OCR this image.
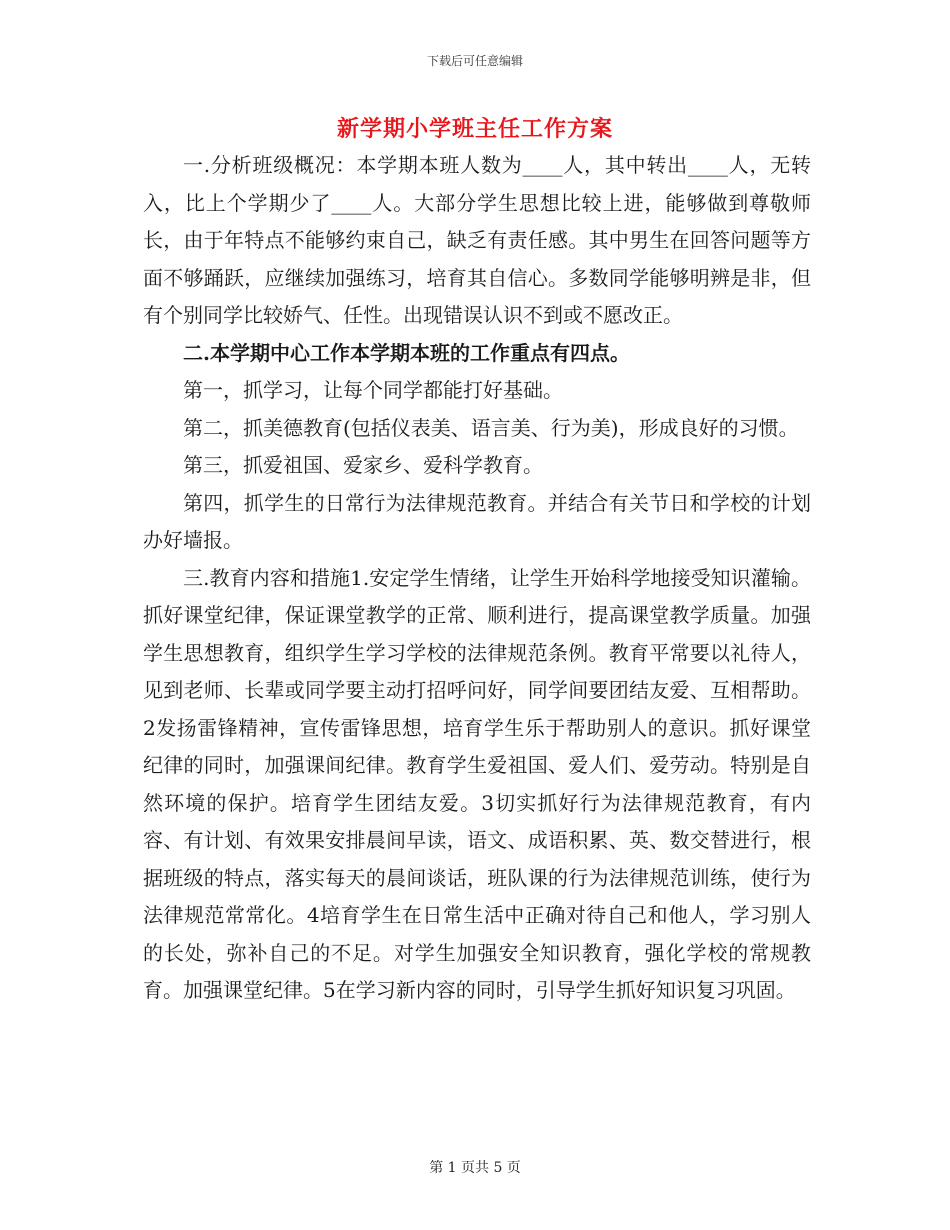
下载后可任意编辑
新学期小学班主任工作方案

一.分析班级概况：本学期本班人数为____人，其中转出____人，无转入，比上个学期少了____人。大部分学生思想比较上进，能够做到尊敬师长，由于年特点不能够约束自己，缺乏有责任感。其中男生在回答问题等方面不够踊跃，应继续加强练习，培育其自信心。多数同学能够明辨是非，但有个别同学比较娇气、任性。出现错误认识不到或不愿改正。

二.本学期中心工作本学期本班的工作重点有四点。

第一，抓学习，让每个同学都能打好基础。

第二，抓美德教育(包括仪表美、语言美、行为美)，形成良好的习惯。

第三，抓爱祖国、爱家乡、爱科学教育。

第四，抓学生的日常行为法律规范教育。并结合有关节日和学校的计划办好墙报。

三.教育内容和措施1.安定学生情绪，让学生开始科学地接受知识灌输。抓好课堂纪律，保证课堂教学的正常、顺利进行，提高课堂教学质量。加强学生思想教育，组织学生学习学校的法律规范条例。教育平常要以礼待人，见到老师、长辈或同学要主动打招呼问好，同学间要团结友爱、互相帮助。2发扬雷锋精神，宣传雷锋思想，培育学生乐于帮助别人的意识。抓好课堂纪律的同时，加强课间纪律。教育学生爱祖国、爱人们、爱劳动。特别是自然环境的保护。培育学生团结友爱。3切实抓好行为法律规范教育，有内容、有计划、有效果安排晨间早读，语文、成语积累、英、数交替进行，根据班级的特点，落实每天的晨间谈话，班队课的行为法律规范训练，使行为法律规范常常化。4培育学生在日常生活中正确对待自己和他人，学习别人的长处，弥补自己的不足。对学生加强安全知识教育，强化学校的常规教育。加强课堂纪律。5在学习新内容的同时，引导学生抓好知识复习巩固。

第 1 页共 5 页
